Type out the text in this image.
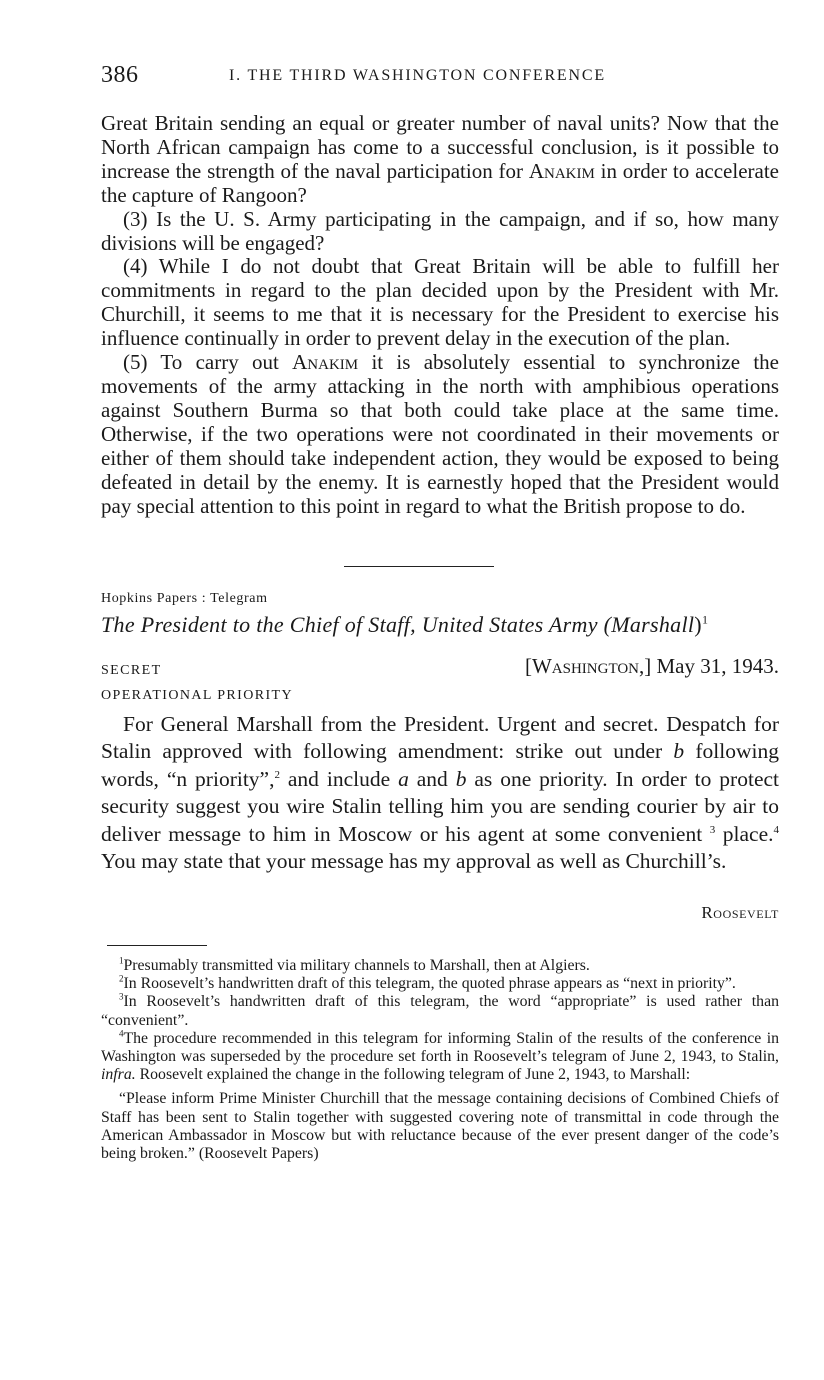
386	I. THE THIRD WASHINGTON CONFERENCE

Great Britain sending an equal or greater number of naval units? Now that the North African campaign has come to a successful conclusion, is it possible to increase the strength of the naval participation for Anakim in order to accelerate the capture of Rangoon?

(3) Is the U. S. Army participating in the campaign, and if so, how many divisions will be engaged?

(4) While I do not doubt that Great Britain will be able to fulfill her commitments in regard to the plan decided upon by the President with Mr. Churchill, it seems to me that it is necessary for the President to exercise his influence continually in order to prevent delay in the execution of the plan.

(5) To carry out Anakim it is absolutely essential to synchronize the movements of the army attacking in the north with amphibious operations against Southern Burma so that both could take place at the same time. Otherwise, if the two operations were not coordinated in their movements or either of them should take independent action, they would be exposed to being defeated in detail by the enemy. It is earnestly hoped that the President would pay special attention to this point in regard to what the British propose to do.

Hopkins Papers : Telegram
The President to the Chief of Staff, United States Army (Marshall)$^1$
SECRET	[Washington,] May 31, 1943.
OPERATIONAL PRIORITY

For General Marshall from the President. Urgent and secret. Despatch for Stalin approved with following amendment: strike out under b following words, “n priority”,$^2$ and include a and b as one priority. In order to protect security suggest you wire Stalin telling him you are sending courier by air to deliver message to him in Moscow or his agent at some convenient $^3$ place.$^4$ You may state that your message has my approval as well as Churchill’s.

Roosevelt

$^1$Presumably transmitted via military channels to Marshall, then at Algiers.

$^2$In Roosevelt’s handwritten draft of this telegram, the quoted phrase appears as “next in priority”.

$^3$In Roosevelt’s handwritten draft of this telegram, the word “appropriate” is used rather than “convenient”.

$^4$The procedure recommended in this telegram for informing Stalin of the results of the conference in Washington was superseded by the procedure set forth in Roosevelt’s telegram of June 2, 1943, to Stalin, infra. Roosevelt explained the change in the following telegram of June 2, 1943, to Marshall:

“Please inform Prime Minister Churchill that the message containing decisions of Combined Chiefs of Staff has been sent to Stalin together with suggested covering note of transmittal in code through the American Ambassador in Moscow but with reluctance because of the ever present danger of the code’s being broken.” (Roosevelt Papers)
